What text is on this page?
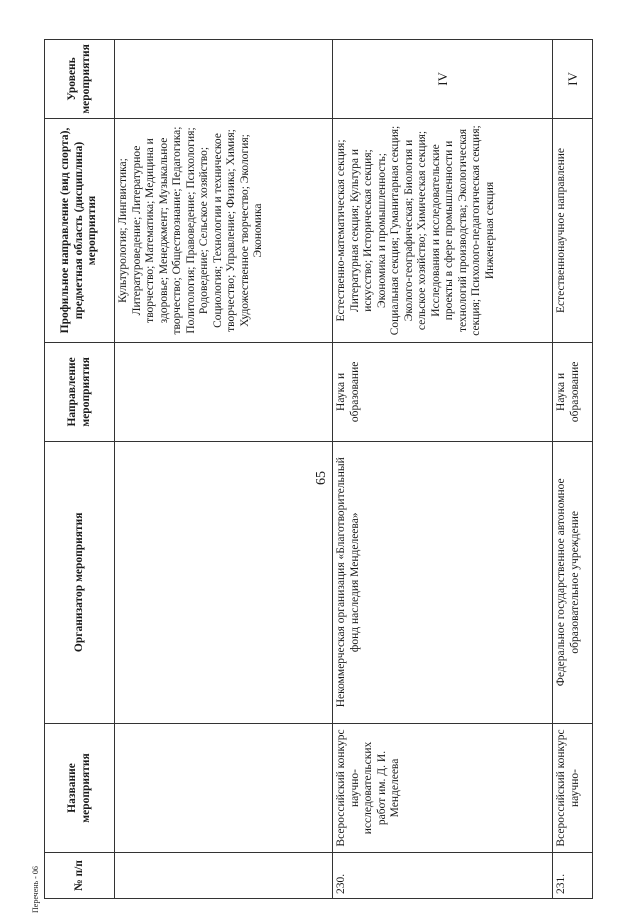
65
№ п/п	Название мероприятия	Организатор мероприятия	Направление мероприятия	Профильное направление (вид спорта), предметная область (дисциплина) мероприятия	Уровень мероприятия
				Культурология; Лингвистика; Литературоведение; Литературное творчество; Математика; Медицина и здоровье; Менеджмент; Музыкальное творчество; Обществознание; Педагогика; Политология; Правоведение; Психология; Родоведение; Сельское хозяйство; Социология; Технологии и техническое творчество; Управление; Физика; Химия; Художественное творчество; Экология; Экономика	
230.	Всероссийский конкурс научно-исследовательских работ им. Д. И. Менделеева	Некоммерческая организация «Благотворительный фонд наследия Менделеева»	Наука и образование	Естественно-математическая секция; Литературная секция; Культура и искусство; Историческая секция; Экономика и промышленность; Социальная секция; Гуманитарная секция; Эколого-географическая; Биология и сельское хозяйство; Химическая секция; Исследования и исследовательские проекты в сфере промышленности и технологий производства; Экологическая секция; Психолого-педагогическая секция; Инженерная секция	IV
231.	Всероссийский конкурс научно-	Федеральное государственное автономное образовательное учреждение	Наука и образование	Естественнонаучное направление	IV
Перечень - 06
